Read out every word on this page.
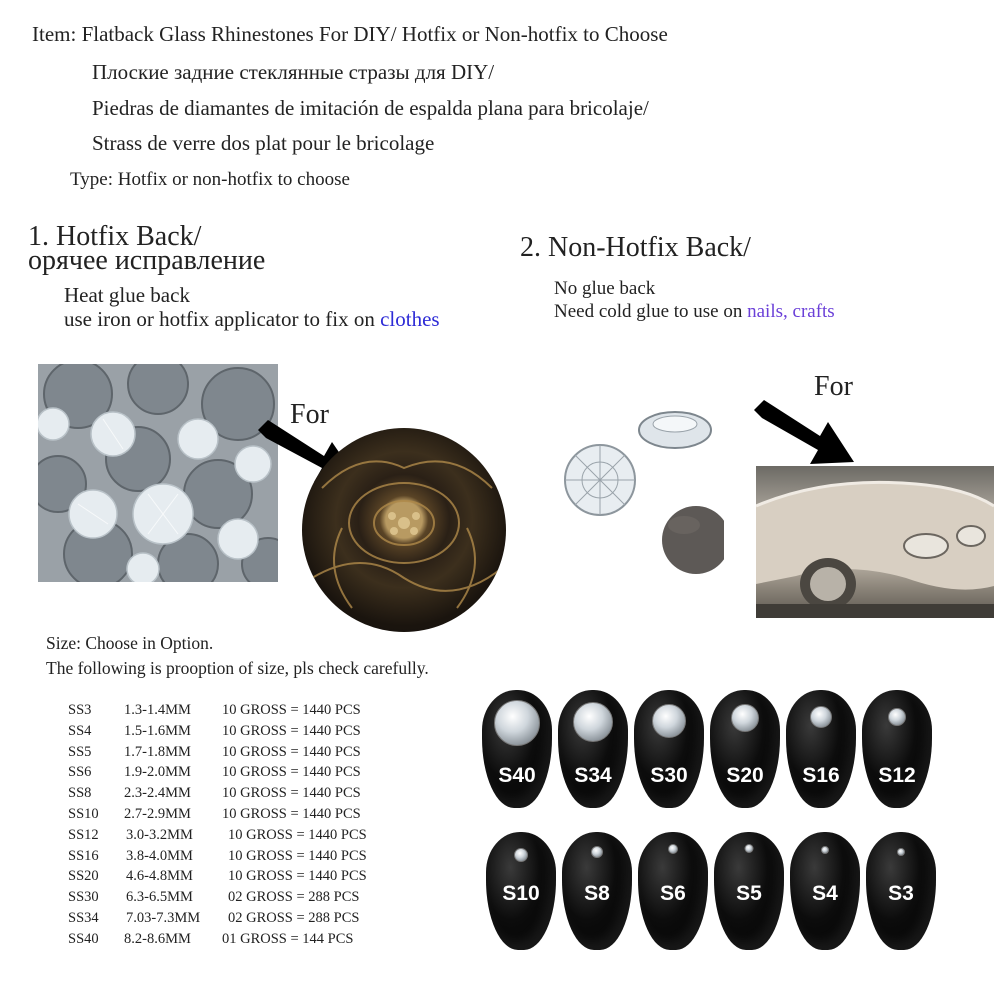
Item: Flatback Glass Rhinestones For DIY/ Hotfix or Non-hotfix to Choose
Плоские задние стеклянные стразы для DIY/
Piedras de diamantes de imitación de espalda plana para bricolaje/
Strass de verre dos plat pour le bricolage
Type: Hotfix or non-hotfix to choose
1. Hotfix Back/
орячее исправление
Heat glue back
use iron or hotfix applicator to fix on clothes
2. Non-Hotfix Back/
No glue back
Need cold glue to use on nails, crafts
For
For
Size: Choose in Option.
The following is prooption of size, pls check carefully.
SS3 1.3-1.4MM 10 GROSS = 1440 PCS
SS4 1.5-1.6MM 10 GROSS = 1440 PCS
SS5 1.7-1.8MM 10 GROSS = 1440 PCS
SS6 1.9-2.0MM 10 GROSS = 1440 PCS
SS8 2.3-2.4MM 10 GROSS = 1440 PCS
SS10 2.7-2.9MM 10 GROSS = 1440 PCS
SS12 3.0-3.2MM 10 GROSS = 1440 PCS
SS16 3.8-4.0MM 10 GROSS = 1440 PCS
SS20 4.6-4.8MM 10 GROSS = 1440 PCS
SS30 6.3-6.5MM 02 GROSS = 288 PCS
SS34 7.03-7.3MM 02 GROSS = 288 PCS
SS40 8.2-8.6MM 01 GROSS = 144 PCS
S40	S34	S30	S20	S16	S12
S10	S8	S6	S5	S4	S3
